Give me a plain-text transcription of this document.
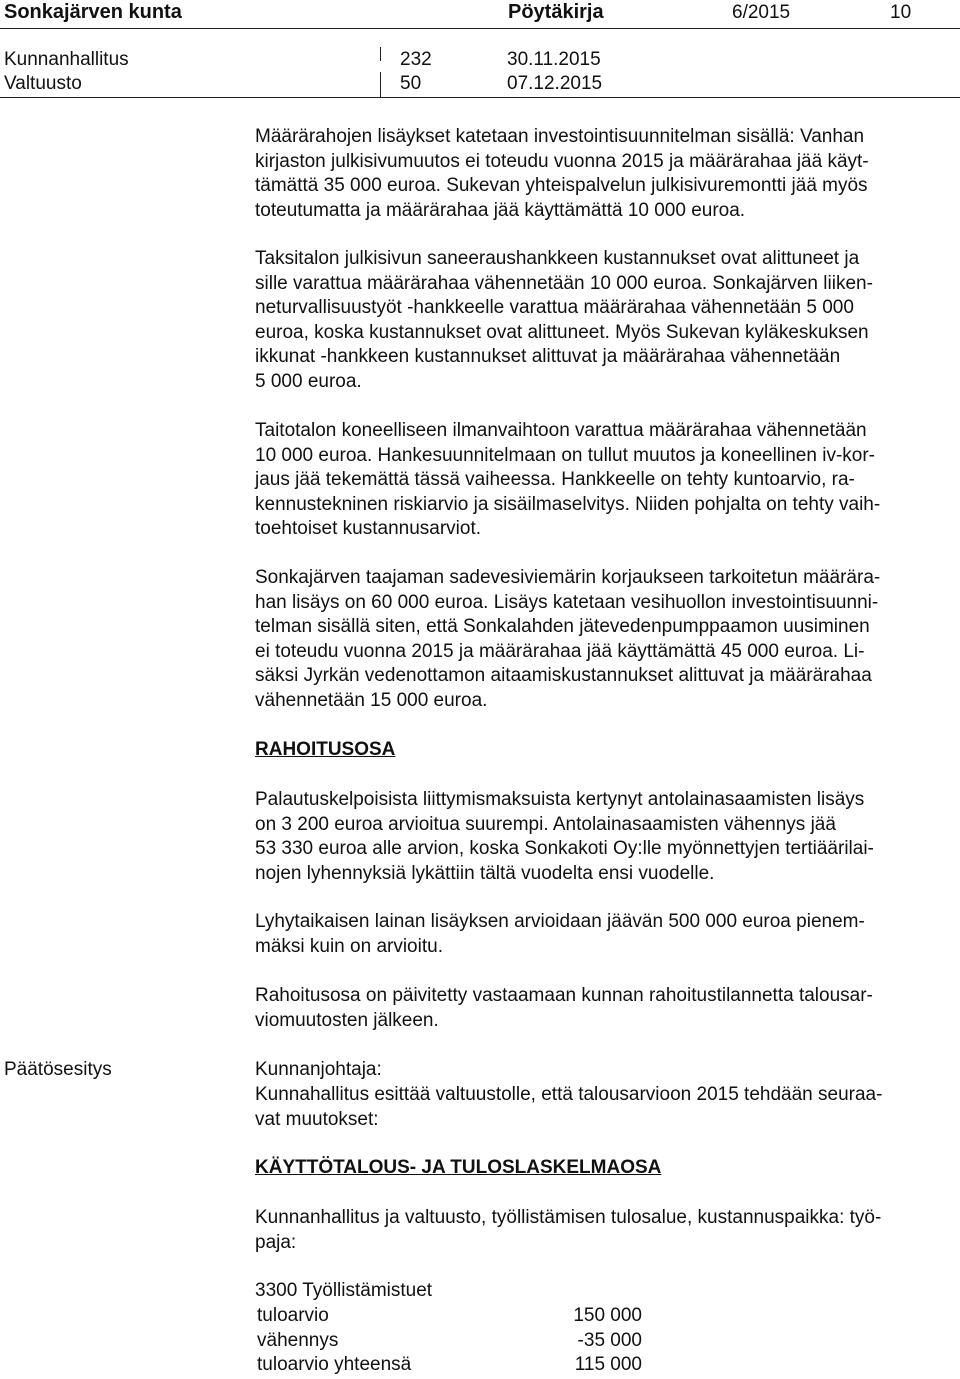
Sonkajärven kunta	Pöytäkirja	6/2015	10
Kunnanhallitus	232	30.11.2015
Valtuusto	50	07.12.2015

Määrärahojen lisäykset katetaan investointisuunnitelman sisällä: Vanhan
kirjaston julkisivumuutos ei toteudu vuonna 2015 ja määrärahaa jää käyt-
tämättä 35 000 euroa. Sukevan yhteispalvelun julkisivuremontti jää myös
toteutumatta ja määrärahaa jää käyttämättä 10 000 euroa.

Taksitalon julkisivun saneeraushankkeen kustannukset ovat alittuneet ja
sille varattua määrärahaa vähennetään 10 000 euroa. Sonkajärven liiken-
neturvallisuustyöt -hankkeelle varattua määrärahaa vähennetään 5 000
euroa, koska kustannukset ovat alittuneet. Myös Sukevan kyläkeskuksen
ikkunat -hankkeen kustannukset alittuvat ja määrärahaa vähennetään
5 000 euroa.

Taitotalon koneelliseen ilmanvaihtoon varattua määrärahaa vähennetään
10 000 euroa. Hankesuunnitelmaan on tullut muutos ja koneellinen iv-kor-
jaus jää tekemättä tässä vaiheessa. Hankkeelle on tehty kuntoarvio, ra-
kennustekninen riskiarvio ja sisäilmaselvitys. Niiden pohjalta on tehty vaih-
toehtoiset kustannusarviot.

Sonkajärven taajaman sadevesiviemärin korjaukseen tarkoitetun määrära-
han lisäys on 60 000 euroa. Lisäys katetaan vesihuollon investointisuunni-
telman sisällä siten, että Sonkalahden jätevedenpumppaamon uusiminen
ei toteudu vuonna 2015 ja määrärahaa jää käyttämättä 45 000 euroa. Li-
säksi Jyrkän vedenottamon aitaamiskustannukset alittuvat ja määrärahaa
vähennetään 15 000 euroa.

RAHOITUSOSA

Palautuskelpoisista liittymismaksuista kertynyt antolainasaamisten lisäys
on 3 200 euroa arvioitua suurempi. Antolainasaamisten vähennys jää
53 330 euroa alle arvion, koska Sonkakoti Oy:lle myönnettyjen tertiäärilai-
nojen lyhennyksiä lykättiin tältä vuodelta ensi vuodelle.

Lyhytaikaisen lainan lisäyksen arvioidaan jäävän 500 000 euroa pienem-
mäksi kuin on arvioitu.

Rahoitusosa on päivitetty vastaamaan kunnan rahoitustilannetta talousar-
viomuutosten jälkeen.

Päätösesitys	Kunnanjohtaja:

Kunnahallitus esittää valtuustolle, että talousarvioon 2015 tehdään seuraa-
vat muutokset:

KÄYTTÖTALOUS- JA TULOSLASKELMAOSA

Kunnanhallitus ja valtuusto, työllistämisen tulosalue, kustannuspaikka: työ-
paja:

3300 Työllistämistuet
tuloarvio	150 000
vähennys	-35 000
tuloarvio yhteensä	115 000
